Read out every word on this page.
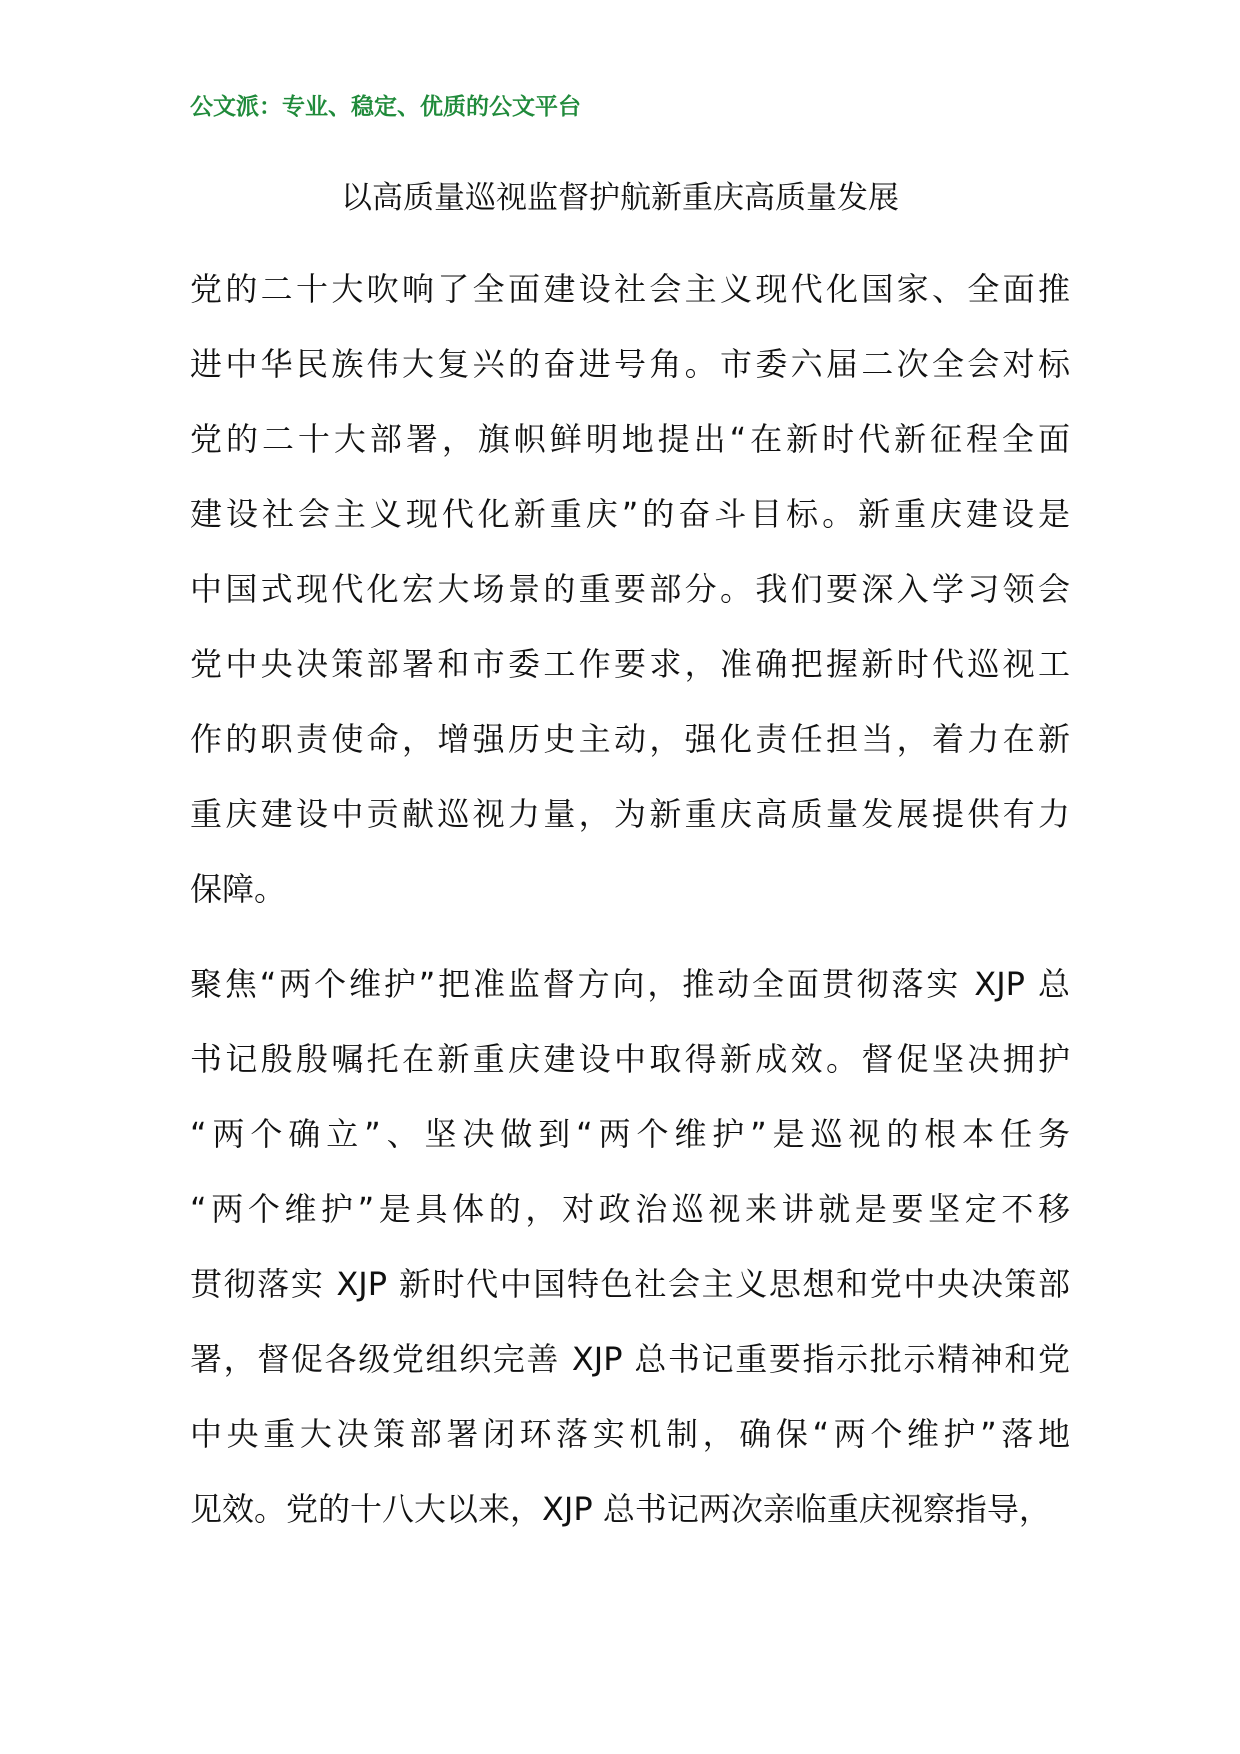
公文派：专业、稳定、优质的公文平台
以高质量巡视监督护航新重庆高质量发展
党的二十大吹响了全面建设社会主义现代化国家、全面推
进中华民族伟大复兴的奋进号角。市委六届二次全会对标
党的二十大部署，旗帜鲜明地提出“在新时代新征程全面
建设社会主义现代化新重庆”的奋斗目标。新重庆建设是
中国式现代化宏大场景的重要部分。我们要深入学习领会
党中央决策部署和市委工作要求，准确把握新时代巡视工
作的职责使命，增强历史主动，强化责任担当，着力在新
重庆建设中贡献巡视力量，为新重庆高质量发展提供有力
保障。
聚焦“两个维护”把准监督方向，推动全面贯彻落实 XJP 总
书记殷殷嘱托在新重庆建设中取得新成效。督促坚决拥护
“两个确立”、坚决做到“两个维护”是巡视的根本任务
“两个维护”是具体的，对政治巡视来讲就是要坚定不移
贯彻落实 XJP 新时代中国特色社会主义思想和党中央决策部
署，督促各级党组织完善 XJP 总书记重要指示批示精神和党
中央重大决策部署闭环落实机制，确保“两个维护”落地
见效。党的十八大以来，XJP 总书记两次亲临重庆视察指导，
